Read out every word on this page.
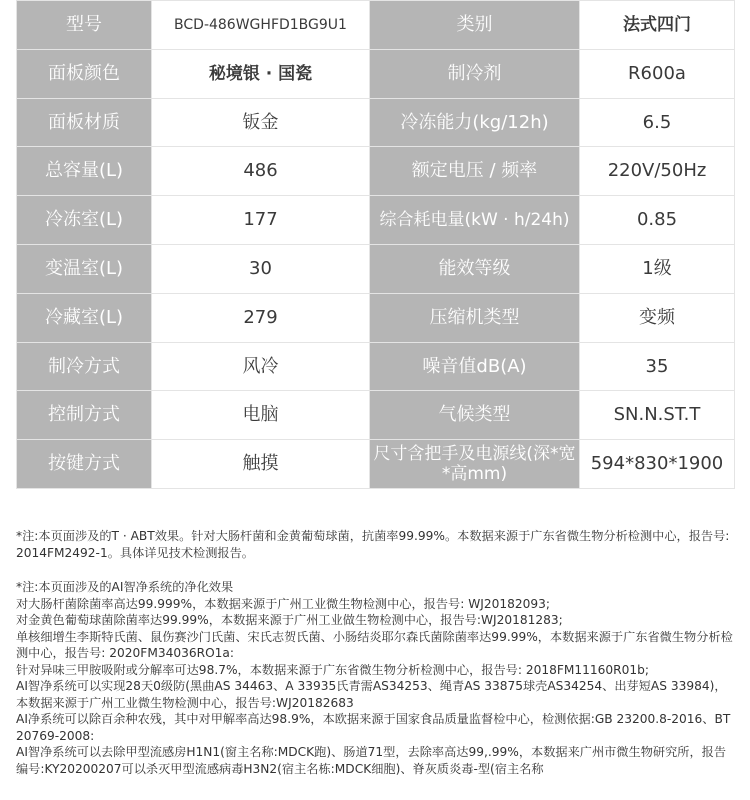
型号	BCD-486WGHFD1BG9U1	类别	法式四门
面板颜色	秘境银 · 国瓷	制冷剂	R600a
面板材质	钣金	冷冻能力(kg/12h)	6.5
总容量(L)	486	额定电压 / 频率	220V/50Hz
冷冻室(L)	177	综合耗电量(kW · h/24h)	0.85
变温室(L)	30	能效等级	1级
冷藏室(L)	279	压缩机类型	变频
制冷方式	风冷	噪音值dB(A)	35
控制方式	电脑	气候类型	SN.N.ST.T
按键方式	触摸	尺寸含把手及电源线(深*宽*高mm)	594*830*1900

*注:本页面涉及的T · ABT效果。针对大肠杆菌和金黄葡萄球菌，抗菌率99.99%。本数据来源于广东省微生物分析检测中心，报告号: 2014FM2492-1。具体详见技术检测报告。

*注:本页面涉及的AI智净系统的净化效果

对大肠杆菌除菌率高达99.999%，本数据来源于广州工业微生物检测中心，报告号: WJ20182093;

对金黄色葡萄球菌除菌率达99.99%，本数据来源于广州工业做生物检测中心，报告号:WJ20181283;

单核细增生李斯特氏菌、鼠伤赛沙门氏菌、宋氏志贺氏菌、小肠结炎耶尔森氏菌除菌率达99.99%，本数据来源于广东省微生物分析检测中心，报告号: 2020FM34036RO1a:

针对异味三甲胺吸附或分解率可达98.7%，本数据来源于广东省微生物分析检测中心，报告号: 2018FM11160R01b;

AI智净系统可以实现28天0级防(黑曲AS 34463、A 33935氏青需AS34253、绳青AS 33875球壳AS34254、出芽短AS 33984)，本数据来源于广州工业微生物检测中心，报告号:WJ20182683

AI净系统可以除百余种农残，其中对甲解率高达98.9%，本欧据来源于国家食品质量监督检中心，检测依据:GB 23200.8-2016、BT 20769-2008:

AI智净系统可以去除甲型流感房H1N1(窗主名称:MDCK跑)、肠道71型，去除率高达99,.99%，本数据来广州市微生物研究所，报告编号:KY20200207可以杀灭甲型流感病毒H3N2(宿主名栋:MDCK细胞)、脊灰质炎毒-型(宿主名称
